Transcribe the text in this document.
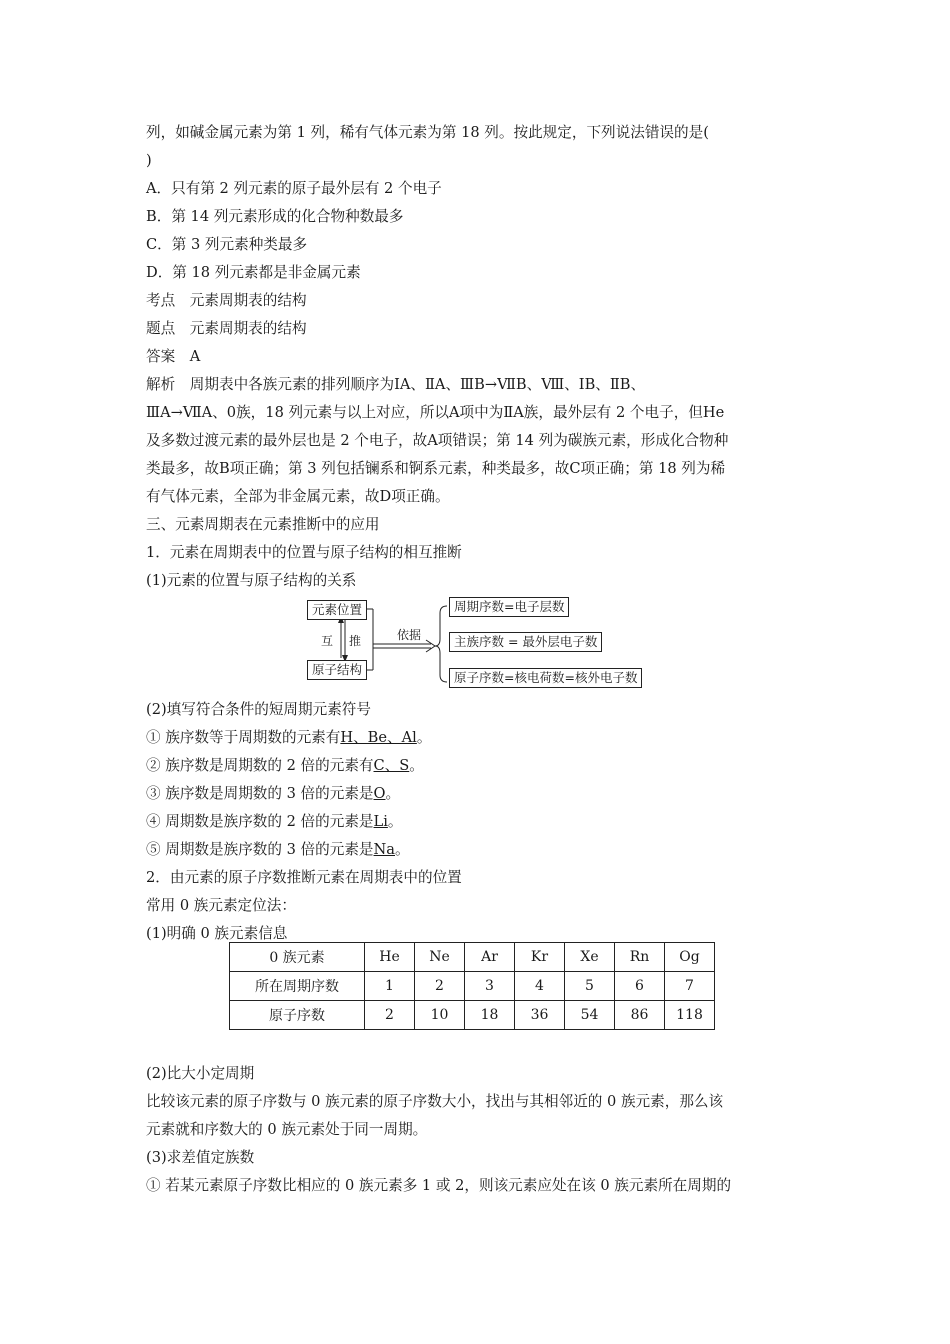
列，如碱金属元素为第 1 列，稀有气体元素为第 18 列。按此规定，下列说法错误的是(
)
A．只有第 2 列元素的原子最外层有 2 个电子
B．第 14 列元素形成的化合物种数最多
C．第 3 列元素种类最多
D．第 18 列元素都是非金属元素
考点　元素周期表的结构
题点　元素周期表的结构
答案　A
解析　周期表中各族元素的排列顺序为ⅠA、ⅡA、ⅢB→ⅦB、Ⅷ、ⅠB、ⅡB、
ⅢA→ⅦA、0族，18 列元素与以上对应，所以A项中为ⅡA族，最外层有 2 个电子，但He
及多数过渡元素的最外层也是 2 个电子，故A项错误；第 14 列为碳族元素，形成化合物种
类最多，故B项正确；第 3 列包括镧系和锕系元素，种类最多，故C项正确；第 18 列为稀
有气体元素，全部为非金属元素，故D项正确。
三、元素周期表在元素推断中的应用
1．元素在周期表中的位置与原子结构的相互推断
(1)元素的位置与原子结构的关系
元素位置
原子结构
互 推	依据
周期序数=电子层数
主族序数 = 最外层电子数
原子序数=核电荷数=核外电子数
(2)填写符合条件的短周期元素符号
① 族序数等于周期数的元素有H、Be、Al。
② 族序数是周期数的 2 倍的元素有C、S。
③ 族序数是周期数的 3 倍的元素是O。
④ 周期数是族序数的 2 倍的元素是Li。
⑤ 周期数是族序数的 3 倍的元素是Na。
2．由元素的原子序数推断元素在周期表中的位置
常用 0 族元素定位法：
(1)明确 0 族元素信息
0 族元素	He	Ne	Ar	Kr	Xe	Rn	Og
所在周期序数	1	2	3	4	5	6	7
原子序数	2	10	18	36	54	86	118
(2)比大小定周期
比较该元素的原子序数与 0 族元素的原子序数大小，找出与其相邻近的 0 族元素，那么该
元素就和序数大的 0 族元素处于同一周期。
(3)求差值定族数
① 若某元素原子序数比相应的 0 族元素多 1 或 2，则该元素应处在该 0 族元素所在周期的
